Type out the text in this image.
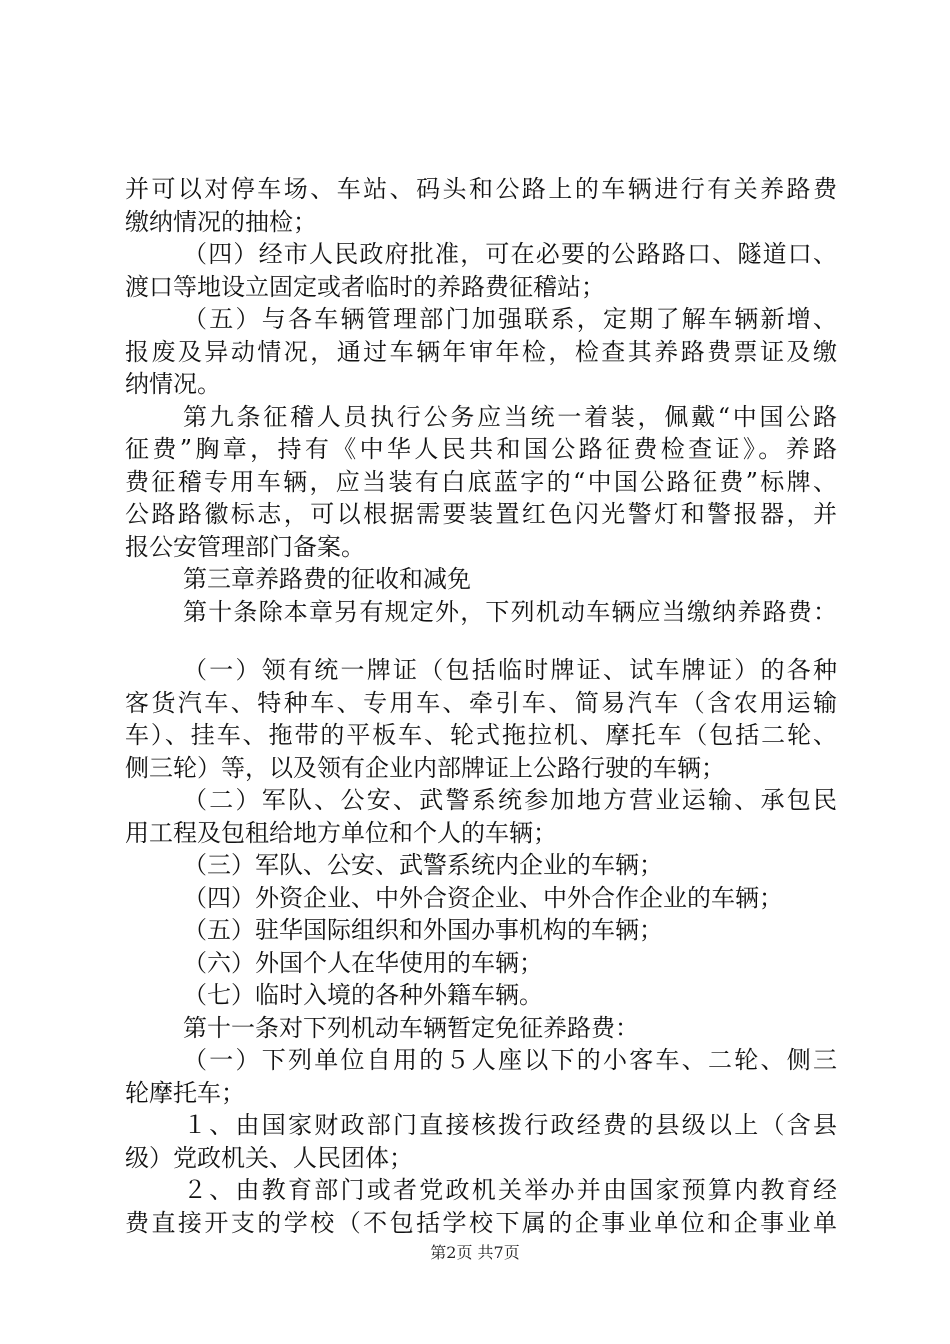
并可以对停车场、车站、码头和公路上的车辆进行有关养路费
缴纳情况的抽检；
（四）经市人民政府批准，可在必要的公路路口、隧道口、
渡口等地设立固定或者临时的养路费征稽站；
（五）与各车辆管理部门加强联系，定期了解车辆新增、
报废及异动情况，通过车辆年审年检，检查其养路费票证及缴
纳情况。
第九条征稽人员执行公务应当统一着装，佩戴“中国公路
征费”胸章，持有《中华人民共和国公路征费检查证》。养路
费征稽专用车辆，应当装有白底蓝字的“中国公路征费”标牌、
公路路徽标志，可以根据需要装置红色闪光警灯和警报器，并
报公安管理部门备案。
第三章养路费的征收和减免
第十条除本章另有规定外，下列机动车辆应当缴纳养路费：
（一）领有统一牌证（包括临时牌证、试车牌证）的各种
客货汽车、特种车、专用车、牵引车、简易汽车（含农用运输
车）、挂车、拖带的平板车、轮式拖拉机、摩托车（包括二轮、
侧三轮）等，以及领有企业内部牌证上公路行驶的车辆；
（二）军队、公安、武警系统参加地方营业运输、承包民
用工程及包租给地方单位和个人的车辆；
（三）军队、公安、武警系统内企业的车辆；
（四）外资企业、中外合资企业、中外合作企业的车辆；
（五）驻华国际组织和外国办事机构的车辆；
（六）外国个人在华使用的车辆；
（七）临时入境的各种外籍车辆。
第十一条对下列机动车辆暂定免征养路费：
（一）下列单位自用的５人座以下的小客车、二轮、侧三
轮摩托车；
１、由国家财政部门直接核拨行政经费的县级以上（含县
级）党政机关、人民团体；
２、由教育部门或者党政机关举办并由国家预算内教育经
费直接开支的学校（不包括学校下属的企事业单位和企事业单
第2页 共7页
